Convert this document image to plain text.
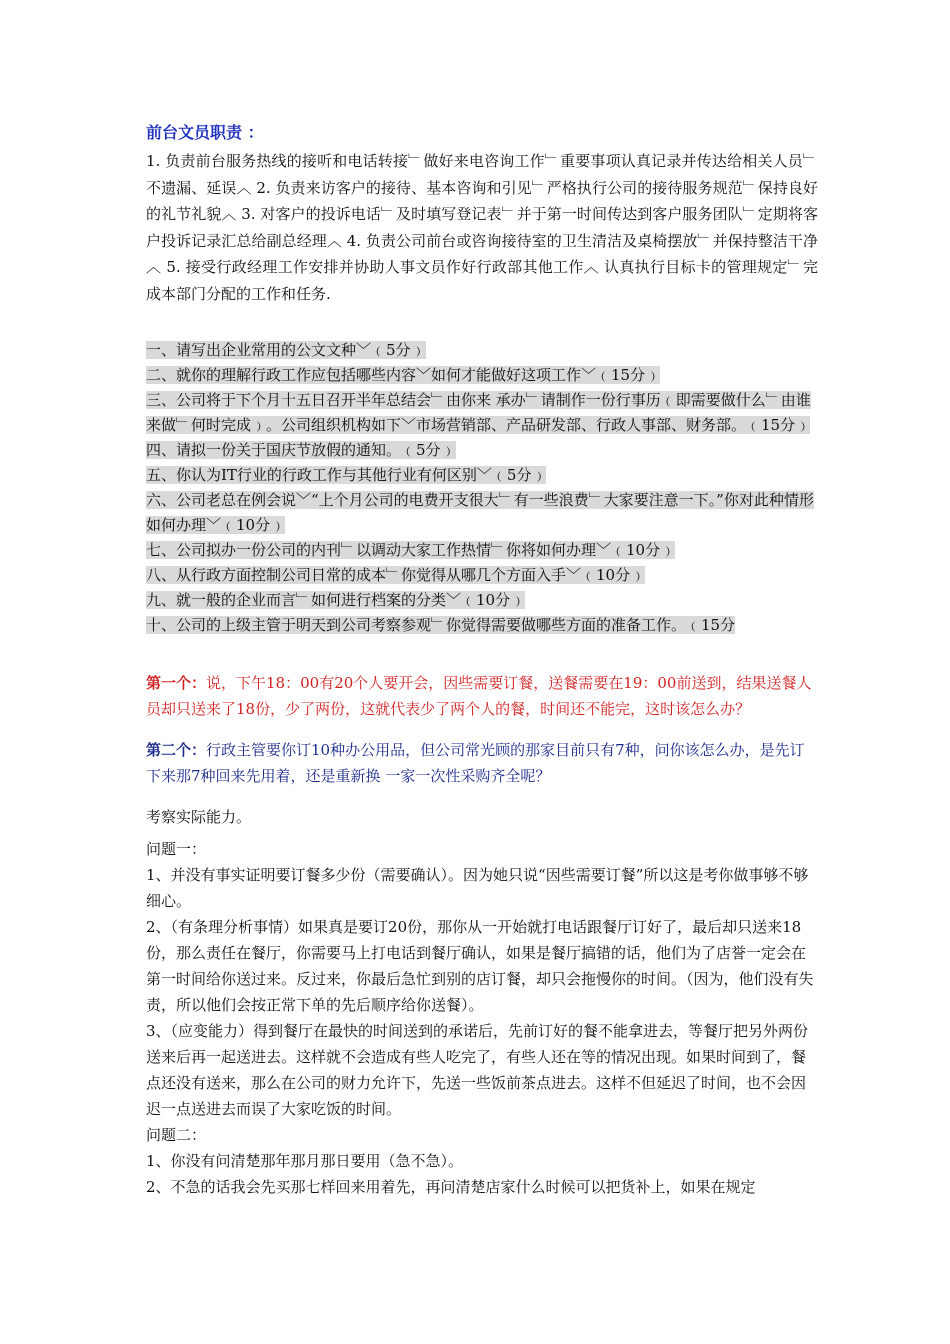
前台文员职责 ：

1. 负责前台服务热线的接听和电话转接﹂做好来电咨询工作﹂重要事项认真记录并传达给相关人员﹂不遗漏、延误︿ 2. 负责来访客户的接待、基本咨询和引见﹂严格执行公司的接待服务规范﹂保持良好的礼节礼貌︿ 3. 对客户的投诉电话﹂及时填写登记表﹂并于第一时间传达到客户服务团队﹂定期将客户投诉记录汇总给副总经理︿ 4. 负责公司前台或咨询接待室的卫生清洁及桌椅摆放﹂并保持整洁干净︿ 5. 接受行政经理工作安排并协助人事文员作好行政部其他工作︿ 认真执行目标卡的管理规定﹂完成本部门分配的工作和任务.

一、请写出企业常用的公文文种﹀﹙5分﹚
二、就你的理解行政工作应包括哪些内容﹀如何才能做好这项工作﹀﹙15分﹚
三、公司将于下个月十五日召开半年总结会﹂由你来 承办﹂请制作一份行事历﹙即需要做什么﹂由谁来做﹂何时完成﹚。公司组织机构如下﹀市场营销部、产品研发部、行政人事部、财务部。﹙15分﹚
四、请拟一份关于国庆节放假的通知。﹙5分﹚
五、你认为IT行业的行政工作与其他行业有何区别﹀﹙5分﹚
六、公司老总在例会说﹀“上个月公司的电费开支很大﹂有一些浪费﹂大家要注意一下。”你对此种情形如何办理﹀﹙10分﹚
七、公司拟办一份公司的内刊﹂以调动大家工作热情﹂你将如何办理﹀﹙10分﹚
八、从行政方面控制公司日常的成本﹂你觉得从哪几个方面入手﹀﹙10分﹚
九、就一般的企业而言﹂如何进行档案的分类﹀﹙10分﹚
十、公司的上级主管于明天到公司考察参观﹂你觉得需要做哪些方面的准备工作。﹙15分

第一个：说，下午18：00有20个人要开会，因些需要订餐，送餐需要在19：00前送到，结果送餐人员却只送来了18份，少了两份，这就代表少了两个人的餐，时间还不能完，这时该怎么办？

第二个：行政主管要你订10种办公用品，但公司常光顾的那家目前只有7种，问你该怎么办，是先订下来那7种回来先用着，还是重新换 一家一次性采购齐全呢？

考察实际能力。

问题一：

1、并没有事实证明要订餐多少份（需要确认）。因为她只说“因些需要订餐”所以这是考你做事够不够细心。

2、（有条理分析事情）如果真是要订20份，那你从一开始就打电话跟餐厅订好了，最后却只送来18份，那么责任在餐厅，你需要马上打电话到餐厅确认，如果是餐厅搞错的话，他们为了店誉一定会在第一时间给你送过来。反过来，你最后急忙到别的店订餐，却只会拖慢你的时间。（因为，他们没有失责，所以他们会按正常下单的先后顺序给你送餐）。

3、（应变能力）得到餐厅在最快的时间送到的承诺后，先前订好的餐不能拿进去，等餐厅把另外两份送来后再一起送进去。这样就不会造成有些人吃完了，有些人还在等的情况出现。如果时间到了，餐点还没有送来，那么在公司的财力允许下，先送一些饭前茶点进去。这样不但延迟了时间，也不会因迟一点送进去而误了大家吃饭的时间。

问题二：

1、你没有问清楚那年那月那日要用（急不急）。

2、不急的话我会先买那七样回来用着先，再问清楚店家什么时候可以把货补上，如果在规定
